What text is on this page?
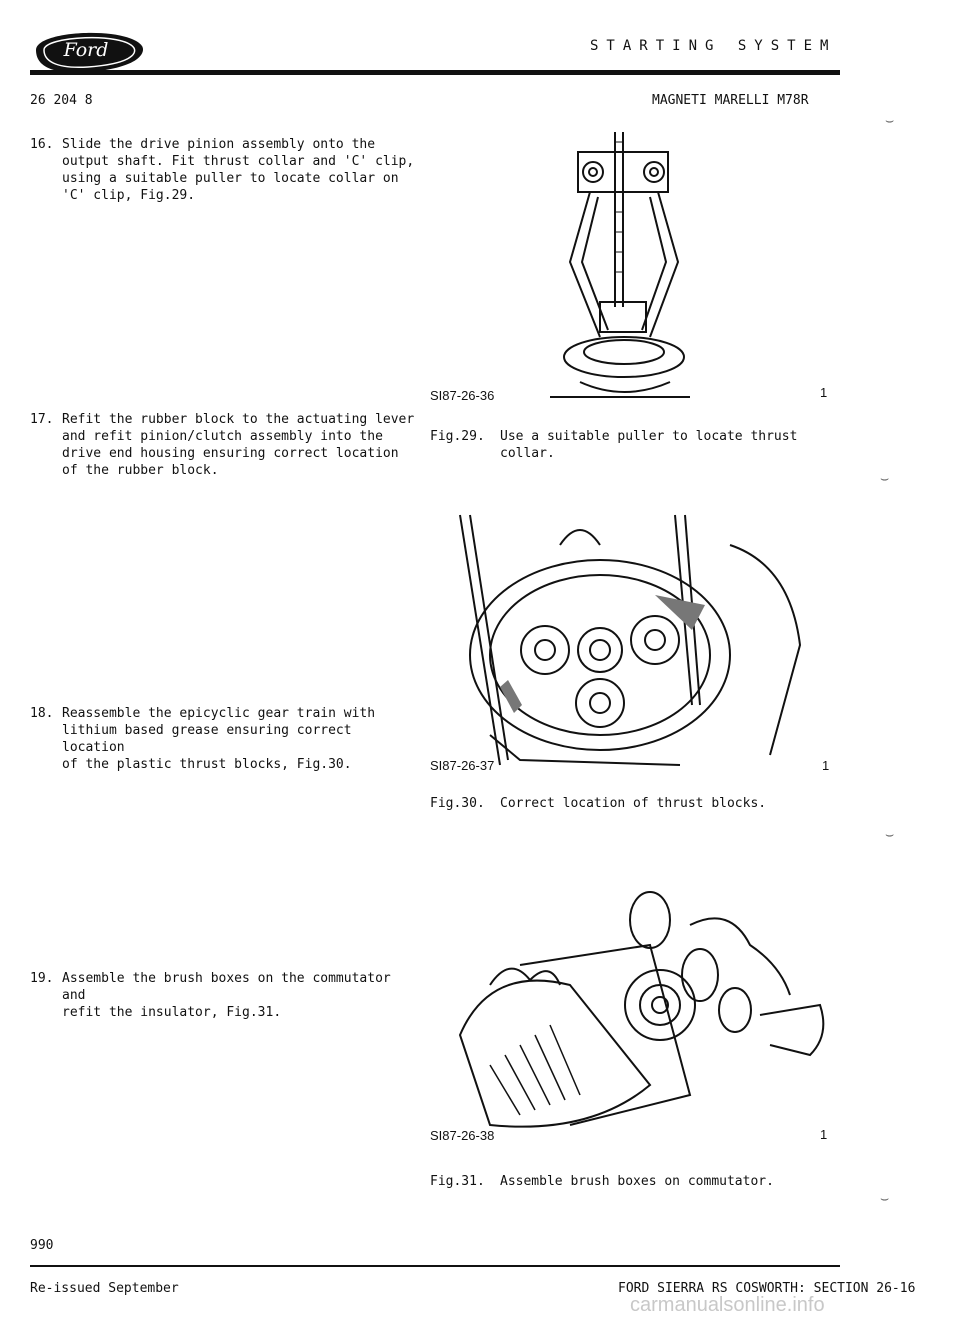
Ford	STARTING SYSTEM
26 204 8	MAGNETI MARELLI M78R
16. Slide the drive pinion assembly onto the
output shaft. Fit thrust collar and 'C' clip,
using a suitable puller to locate collar on
'C' clip, Fig.29.
17. Refit the rubber block to the actuating lever
and refit pinion/clutch assembly into the
drive end housing ensuring correct location
of the rubber block.
18. Reassemble the epicyclic gear train with
lithium based grease ensuring correct location
of the plastic thrust blocks, Fig.30.
19. Assemble the brush boxes on the commutator and
refit the insulator, Fig.31.
SI87-26-36	1
Fig.29. Use a suitable puller to locate thrust
collar.
SI87-26-37	1
Fig.30. Correct location of thrust blocks.
SI87-26-38	1
Fig.31. Assemble brush boxes on commutator.
⌣
⌣
⌣
⌣
990
Re-issued September	FORD SIERRA RS COSWORTH: SECTION 26-16
carmanualsonline.info
